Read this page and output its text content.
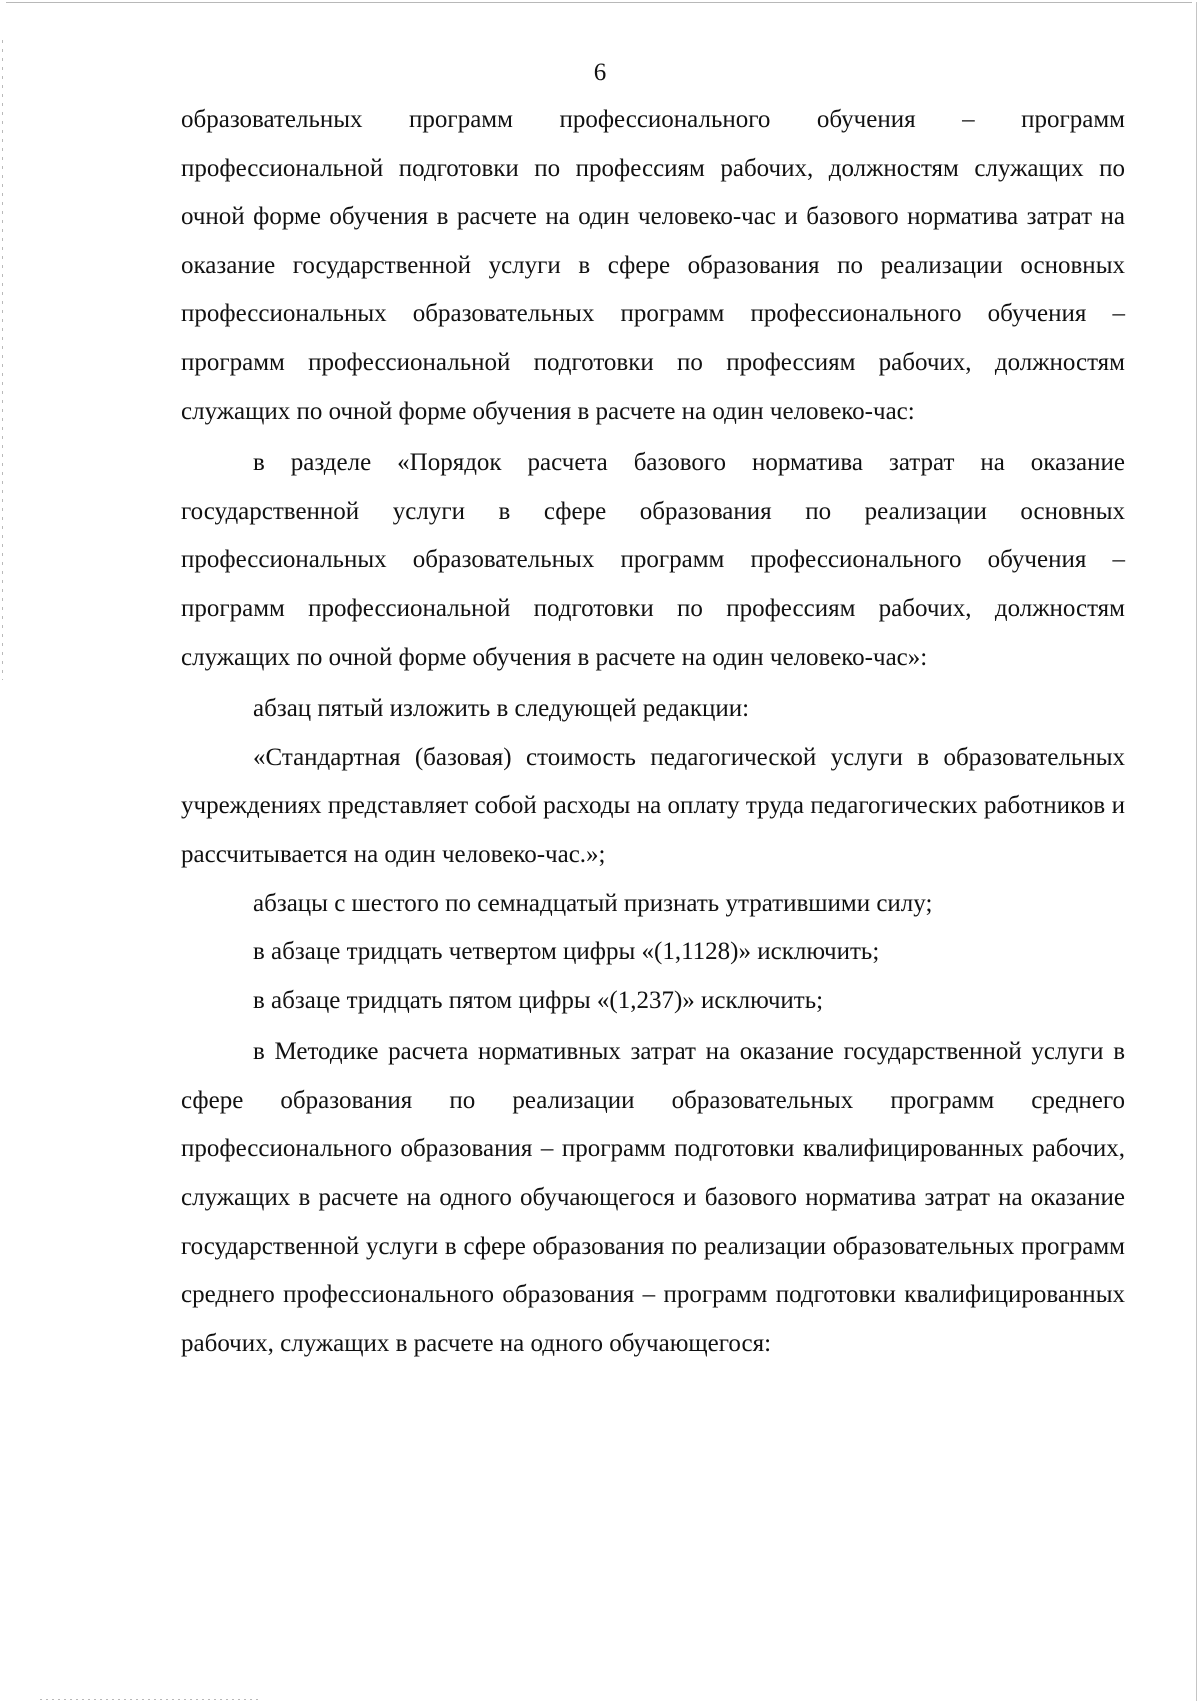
6

образовательных программ профессионального обучения – программ профессиональной подготовки по профессиям рабочих, должностям служащих по очной форме обучения в расчете на один человеко-час и базового норматива затрат на оказание государственной услуги в сфере образования по реализации основных профессиональных образовательных программ профессионального обучения – программ профессиональной подготовки по профессиям рабочих, должностям служащих по очной форме обучения в расчете на один человеко-час:

в разделе «Порядок расчета базового норматива затрат на оказание государственной услуги в сфере образования по реализации основных профессиональных образовательных программ профессионального обучения – программ профессиональной подготовки по профессиям рабочих, должностям служащих по очной форме обучения в расчете на один человеко-час»:

абзац пятый изложить в следующей редакции:

«Стандартная (базовая) стоимость педагогической услуги в образовательных учреждениях представляет собой расходы на оплату труда педагогических работников и рассчитывается на один человеко-час.»;

абзацы с шестого по семнадцатый признать утратившими силу;

в абзаце тридцать четвертом цифры «(1,1128)» исключить;

в абзаце тридцать пятом цифры «(1,237)» исключить;

в Методике расчета нормативных затрат на оказание государственной услуги в сфере образования по реализации образовательных программ среднего профессионального образования – программ подготовки квалифицированных рабочих, служащих в расчете на одного обучающегося и базового норматива затрат на оказание государственной услуги в сфере образования по реализации образовательных программ среднего профессионального образования – программ подготовки квалифицированных рабочих, служащих в расчете на одного обучающегося:
